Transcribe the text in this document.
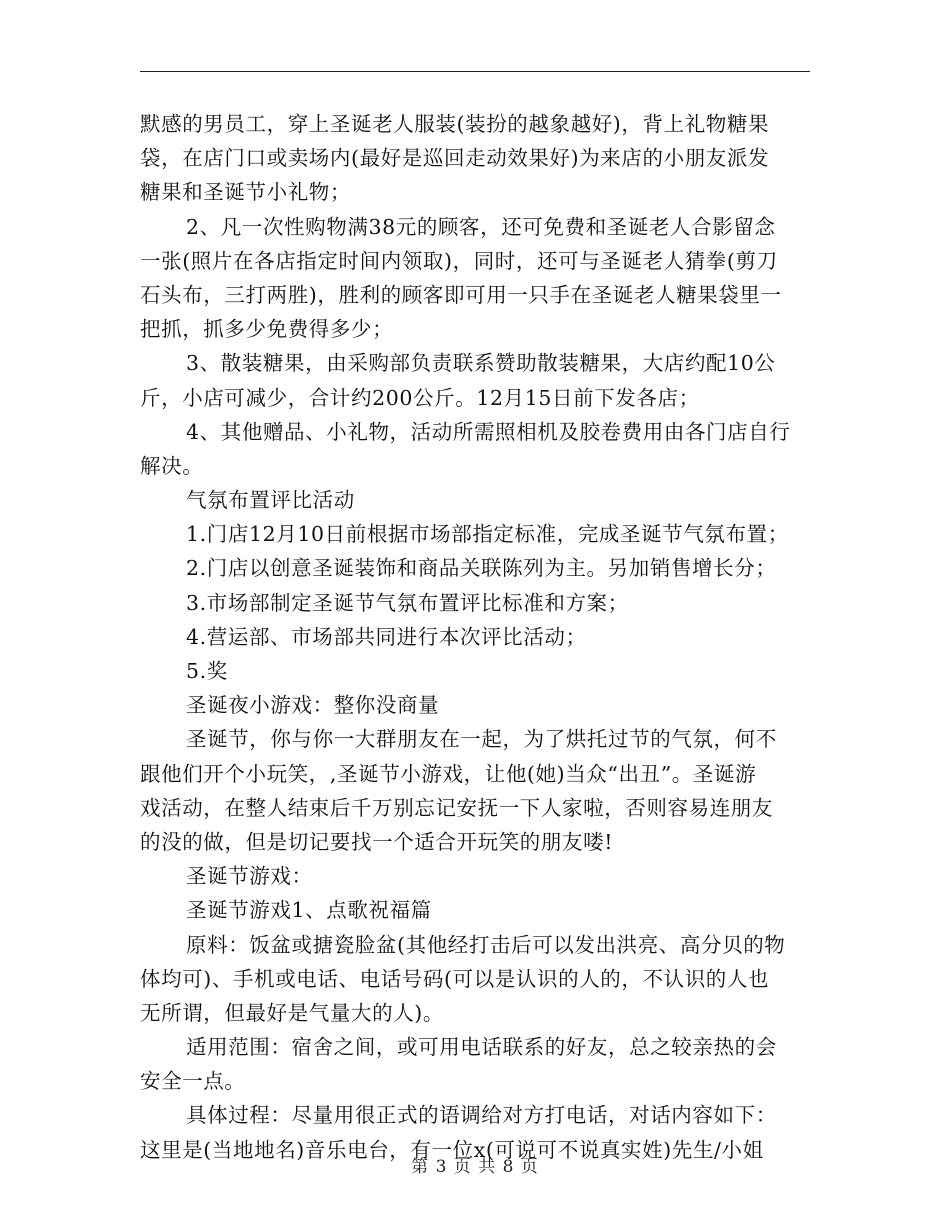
默感的男员工，穿上圣诞老人服装(装扮的越象越好)，背上礼物糖果
袋，在店门口或卖场内(最好是巡回走动效果好)为来店的小朋友派发
糖果和圣诞节小礼物；
2、凡一次性购物满38元的顾客，还可免费和圣诞老人合影留念
一张(照片在各店指定时间内领取)，同时，还可与圣诞老人猜拳(剪刀
石头布，三打两胜)，胜利的顾客即可用一只手在圣诞老人糖果袋里一
把抓，抓多少免费得多少；
3、散装糖果，由采购部负责联系赞助散装糖果，大店约配10公
斤，小店可减少，合计约200公斤。12月15日前下发各店；
4、其他赠品、小礼物，活动所需照相机及胶卷费用由各门店自行
解决。
气氛布置评比活动
1.门店12月10日前根据市场部指定标准，完成圣诞节气氛布置；
2.门店以创意圣诞装饰和商品关联陈列为主。另加销售增长分；
3.市场部制定圣诞节气氛布置评比标准和方案；
4.营运部、市场部共同进行本次评比活动；
5.奖
圣诞夜小游戏：整你没商量
圣诞节，你与你一大群朋友在一起，为了烘托过节的气氛，何不
跟他们开个小玩笑，,圣诞节小游戏，让他(她)当众“出丑”。圣诞游
戏活动，在整人结束后千万别忘记安抚一下人家啦，否则容易连朋友
的没的做，但是切记要找一个适合开玩笑的朋友喽!
圣诞节游戏：
圣诞节游戏1、点歌祝福篇
原料：饭盆或搪瓷脸盆(其他经打击后可以发出洪亮、高分贝的物
体均可)、手机或电话、电话号码(可以是认识的人的，不认识的人也
无所谓，但最好是气量大的人)。
适用范围：宿舍之间，或可用电话联系的好友，总之较亲热的会
安全一点。
具体过程：尽量用很正式的语调给对方打电话，对话内容如下：
这里是(当地地名)音乐电台，有一位x(可说可不说真实姓)先生/小姐
第 3 页 共 8 页
